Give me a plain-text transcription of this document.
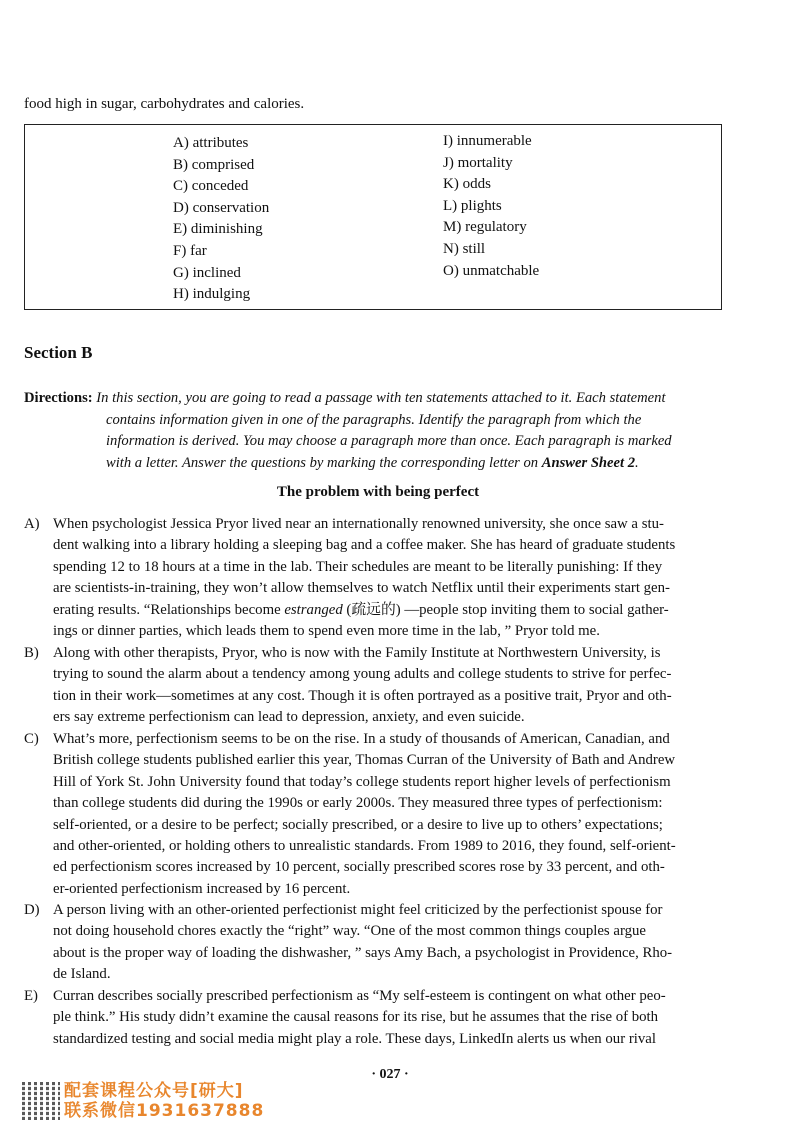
food high in sugar, carbohydrates and calories.
A) attributes
B) comprised
C) conceded
D) conservation
E) diminishing
F) far
G) inclined
H) indulging
I) innumerable
J) mortality
K) odds
L) plights
M) regulatory
N) still
O) unmatchable
Section B
Directions: In this section, you are going to read a passage with ten statements attached to it. Each statement
contains information given in one of the paragraphs. Identify the paragraph from which the
information is derived. You may choose a paragraph more than once. Each paragraph is marked
with a letter. Answer the questions by marking the corresponding letter on Answer Sheet 2.
The problem with being perfect
A) When psychologist Jessica Pryor lived near an internationally renowned university, she once saw a stu-
dent walking into a library holding a sleeping bag and a coffee maker. She has heard of graduate students
spending 12 to 18 hours at a time in the lab. Their schedules are meant to be literally punishing: If they
are scientists-in-training, they won’t allow themselves to watch Netflix until their experiments start gen-
erating results. “Relationships become estranged (疏远的) —people stop inviting them to social gather-
ings or dinner parties, which leads them to spend even more time in the lab, ” Pryor told me.
B) Along with other therapists, Pryor, who is now with the Family Institute at Northwestern University, is
trying to sound the alarm about a tendency among young adults and college students to strive for perfec-
tion in their work—sometimes at any cost. Though it is often portrayed as a positive trait, Pryor and oth-
ers say extreme perfectionism can lead to depression, anxiety, and even suicide.
C) What’s more, perfectionism seems to be on the rise. In a study of thousands of American, Canadian, and
British college students published earlier this year, Thomas Curran of the University of Bath and Andrew
Hill of York St. John University found that today’s college students report higher levels of perfectionism
than college students did during the 1990s or early 2000s. They measured three types of perfectionism:
self-oriented, or a desire to be perfect; socially prescribed, or a desire to live up to others’ expectations;
and other-oriented, or holding others to unrealistic standards. From 1989 to 2016, they found, self-orient-
ed perfectionism scores increased by 10 percent, socially prescribed scores rose by 33 percent, and oth-
er-oriented perfectionism increased by 16 percent.
D) A person living with an other-oriented perfectionist might feel criticized by the perfectionist spouse for
not doing household chores exactly the “right” way. “One of the most common things couples argue
about is the proper way of loading the dishwasher, ” says Amy Bach, a psychologist in Providence, Rho-
de Island.
E) Curran describes socially prescribed perfectionism as “My self-esteem is contingent on what other peo-
ple think.” His study didn’t examine the causal reasons for its rise, but he assumes that the rise of both
standardized testing and social media might play a role. These days, LinkedIn alerts us when our rival
· 027 ·
配套课程公众号[研大]
联系微信1931637888
